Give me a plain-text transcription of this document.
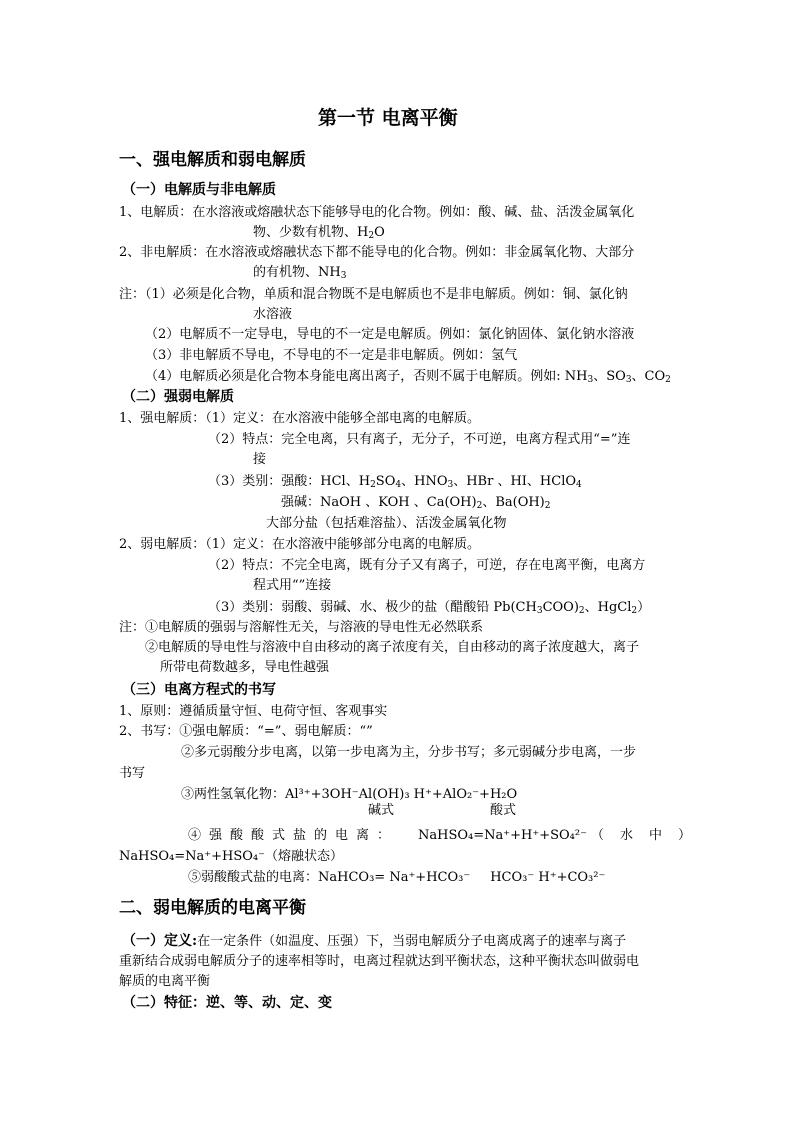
第一节 电离平衡
一、强电解质和弱电解质
（一）电解质与非电解质
1、电解质：在水溶液或熔融状态下能够导电的化合物。例如：酸、碱、盐、活泼金属氧化
物、少数有机物、$H_2O$
2、非电解质：在水溶液或熔融状态下都不能导电的化合物。例如：非金属氧化物、大部分
的有机物、$NH_3$
注：（1）必须是化合物，单质和混合物既不是电解质也不是非电解质。例如：铜、氯化钠
水溶液
（2）电解质不一定导电，导电的不一定是电解质。例如：氯化钠固体、氯化钠水溶液
（3）非电解质不导电，不导电的不一定是非电解质。例如：氢气
（4）电解质必须是化合物本身能电离出离子，否则不属于电解质。例如: $NH_3$、$SO_3$、$CO_2$
（二）强弱电解质
1、强电解质：（1）定义：在水溶液中能够全部电离的电解质。
（2）特点：完全电离，只有离子，无分子，不可逆，电离方程式用“=”连
接
（3）类别：强酸：HCl、$H_2SO_4$、$HNO_3$、HBr 、HI、HClO$_4$
强碱：NaOH 、KOH 、$Ca(OH)_2$、$Ba(OH)_2$
大部分盐（包括难溶盐）、活泼金属氧化物
2、弱电解质：（1）定义：在水溶液中能够部分电离的电解质。
（2）特点：不完全电离，既有分子又有离子，可逆，存在电离平衡，电离方
程式用“”连接
（3）类别：弱酸、弱碱、水、极少的盐（醋酸铅 $Pb(CH_3COO)_2$、HgCl$_2$）
注：①电解质的强弱与溶解性无关，与溶液的导电性无必然联系
②电解质的导电性与溶液中自由移动的离子浓度有关，自由移动的离子浓度越大，离子
所带电荷数越多，导电性越强
（三）电离方程式的书写
1、原则：遵循质量守恒、电荷守恒、客观事实
2、书写：①强电解质：“=”、弱电解质：“”
②多元弱酸分步电离，以第一步电离为主，分步书写；多元弱碱分步电离，一步
书写
③两性氢氧化物：Al³⁺+3OH⁻Al(OH)₃ H⁺+AlO₂⁻+H₂O
碱式	酸式
④强酸酸式盐的电离： NaHSO₄=Na⁺+H⁺+SO₄²⁻ （水中）
NaHSO₄=Na⁺+HSO₄⁻（熔融状态）
⑤弱酸酸式盐的电离：NaHCO₃= Na⁺+HCO₃⁻ HCO₃⁻ H⁺+CO₃²⁻
二、弱电解质的电离平衡
（一）定义:在一定条件（如温度、压强）下，当弱电解质分子电离成离子的速率与离子
重新结合成弱电解质分子的速率相等时，电离过程就达到平衡状态，这种平衡状态叫做弱电
解质的电离平衡
（二）特征：逆、等、动、定、变
